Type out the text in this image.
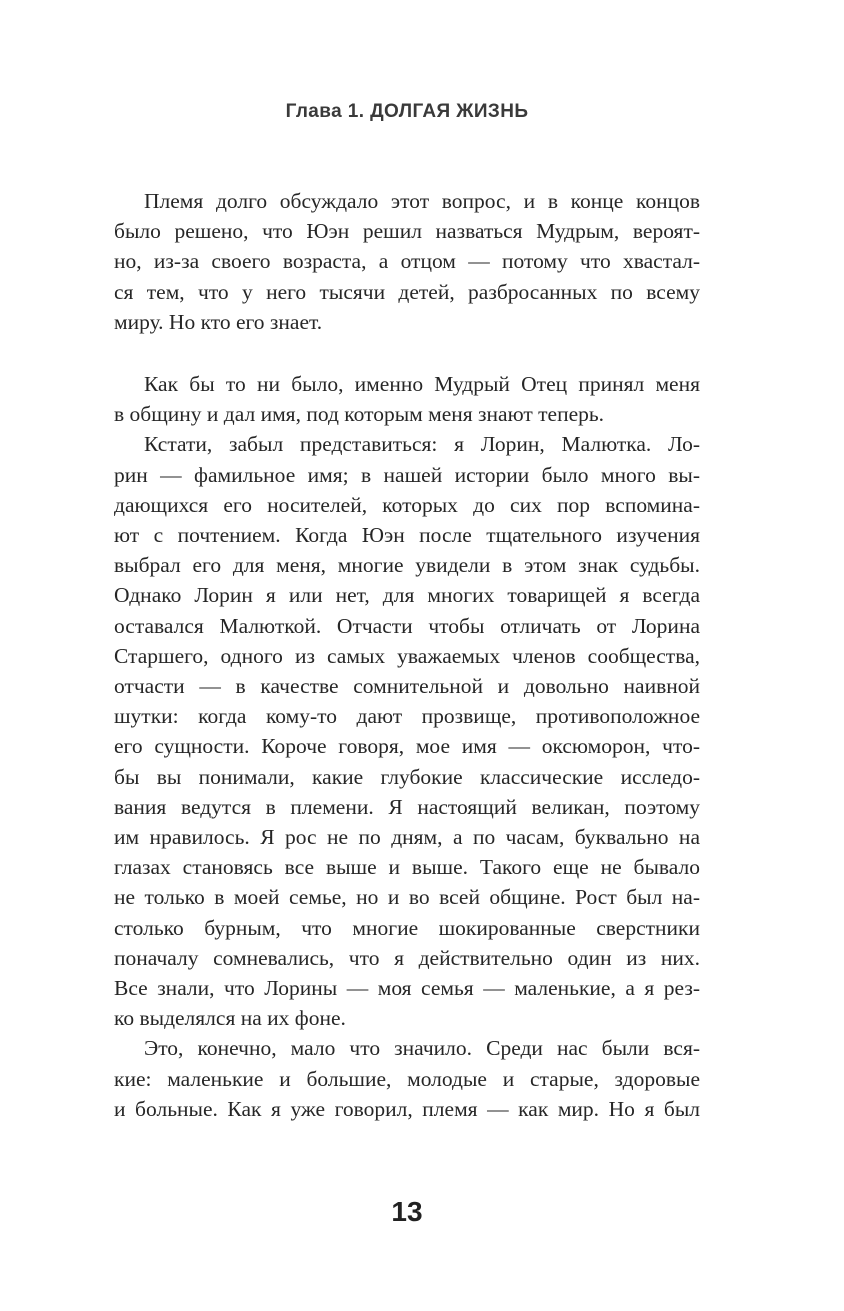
Глава 1. ДОЛГАЯ ЖИЗНЬ
Племя долго обсуждало этот вопрос, и в конце концов
было решено, что Юэн решил назваться Мудрым, вероят-
но, из-за своего возраста, а отцом — потому что хвастал-
ся тем, что у него тысячи детей, разбросанных по всему
миру. Но кто его знает.
Как бы то ни было, именно Мудрый Отец принял меня
в общину и дал имя, под которым меня знают теперь.
Кстати, забыл представиться: я Лорин, Малютка. Ло-
рин — фамильное имя; в нашей истории было много вы-
дающихся его носителей, которых до сих пор вспомина-
ют с почтением. Когда Юэн после тщательного изучения
выбрал его для меня, многие увидели в этом знак судьбы.
Однако Лорин я или нет, для многих товарищей я всегда
оставался Малюткой. Отчасти чтобы отличать от Лорина
Старшего, одного из самых уважаемых членов сообщества,
отчасти — в качестве сомнительной и довольно наивной
шутки: когда кому-то дают прозвище, противоположное
его сущности. Короче говоря, мое имя — оксюморон, что-
бы вы понимали, какие глубокие классические исследо-
вания ведутся в племени. Я настоящий великан, поэтому
им нравилось. Я рос не по дням, а по часам, буквально на
глазах становясь все выше и выше. Такого еще не бывало
не только в моей семье, но и во всей общине. Рост был на-
столько бурным, что многие шокированные сверстники
поначалу сомневались, что я действительно один из них.
Все знали, что Лорины — моя семья — маленькие, а я рез-
ко выделялся на их фоне.
Это, конечно, мало что значило. Среди нас были вся-
кие: маленькие и большие, молодые и старые, здоровые
и больные. Как я уже говорил, племя — как мир. Но я был
13
